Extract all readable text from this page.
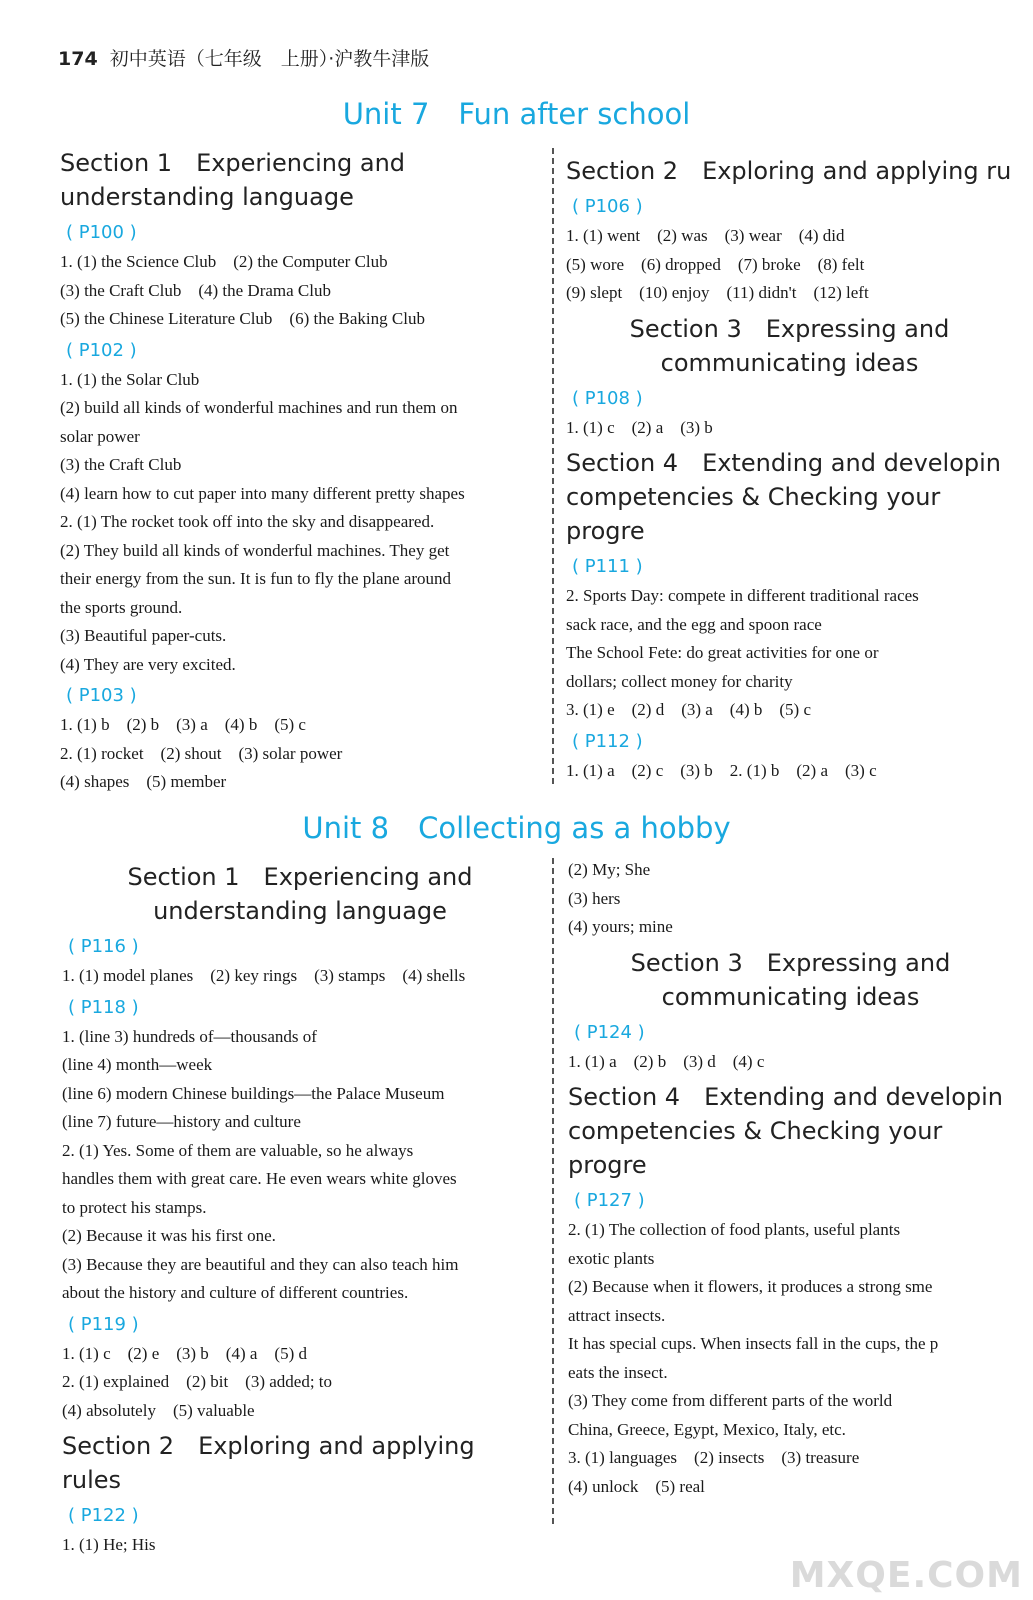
174 初中英语（七年级　上册）·沪教牛津版
Unit 7　Fun after school
Section 1　Experiencing and
understanding language
( P100 )
1. (1) the Science Club　(2) the Computer Club
(3) the Craft Club　(4) the Drama Club
(5) the Chinese Literature Club　(6) the Baking Club
( P102 )
1. (1) the Solar Club
(2) build all kinds of wonderful machines and run them on
solar power
(3) the Craft Club
(4) learn how to cut paper into many different pretty shapes
2. (1) The rocket took off into the sky and disappeared.
(2) They build all kinds of wonderful machines. They get
their energy from the sun. It is fun to fly the plane around
the sports ground.
(3) Beautiful paper-cuts.
(4) They are very excited.
( P103 )
1. (1) b　(2) b　(3) a　(4) b　(5) c
2. (1) rocket　(2) shout　(3) solar power
(4) shapes　(5) member
Section 2　Exploring and applying ru
( P106 )
1. (1) went　(2) was　(3) wear　(4) did
(5) wore　(6) dropped　(7) broke　(8) felt
(9) slept　(10) enjoy　(11) didn't　(12) left
Section 3　Expressing and
communicating ideas
( P108 )
1. (1) c　(2) a　(3) b
Section 4　Extending and developin
competencies & Checking your progre
( P111 )
2. Sports Day: compete in different traditional races
sack race, and the egg and spoon race
The School Fete: do great activities for one or
dollars; collect money for charity
3. (1) e　(2) d　(3) a　(4) b　(5) c
( P112 )
1. (1) a　(2) c　(3) b　2. (1) b　(2) a　(3) c
Unit 8　Collecting as a hobby
Section 1　Experiencing and
understanding language
( P116 )
1. (1) model planes　(2) key rings　(3) stamps　(4) shells
( P118 )
1. (line 3) hundreds of—thousands of
(line 4) month—week
(line 6) modern Chinese buildings—the Palace Museum
(line 7) future—history and culture
2. (1) Yes. Some of them are valuable, so he always
handles them with great care. He even wears white gloves
to protect his stamps.
(2) Because it was his first one.
(3) Because they are beautiful and they can also teach him
about the history and culture of different countries.
( P119 )
1. (1) c　(2) e　(3) b　(4) a　(5) d
2. (1) explained　(2) bit　(3) added; to
(4) absolutely　(5) valuable
Section 2　Exploring and applying rules
( P122 )
1. (1) He; His
(2) My; She
(3) hers
(4) yours; mine
Section 3　Expressing and
communicating ideas
( P124 )
1. (1) a　(2) b　(3) d　(4) c
Section 4　Extending and developin
competencies & Checking your progre
( P127 )
2. (1) The collection of food plants, useful plants
exotic plants
(2) Because when it flowers, it produces a strong sme
attract insects.
It has special cups. When insects fall in the cups, the p
eats the insect.
(3) They come from different parts of the world
China, Greece, Egypt, Mexico, Italy, etc.
3. (1) languages　(2) insects　(3) treasure
(4) unlock　(5) real
MXQE.COM
